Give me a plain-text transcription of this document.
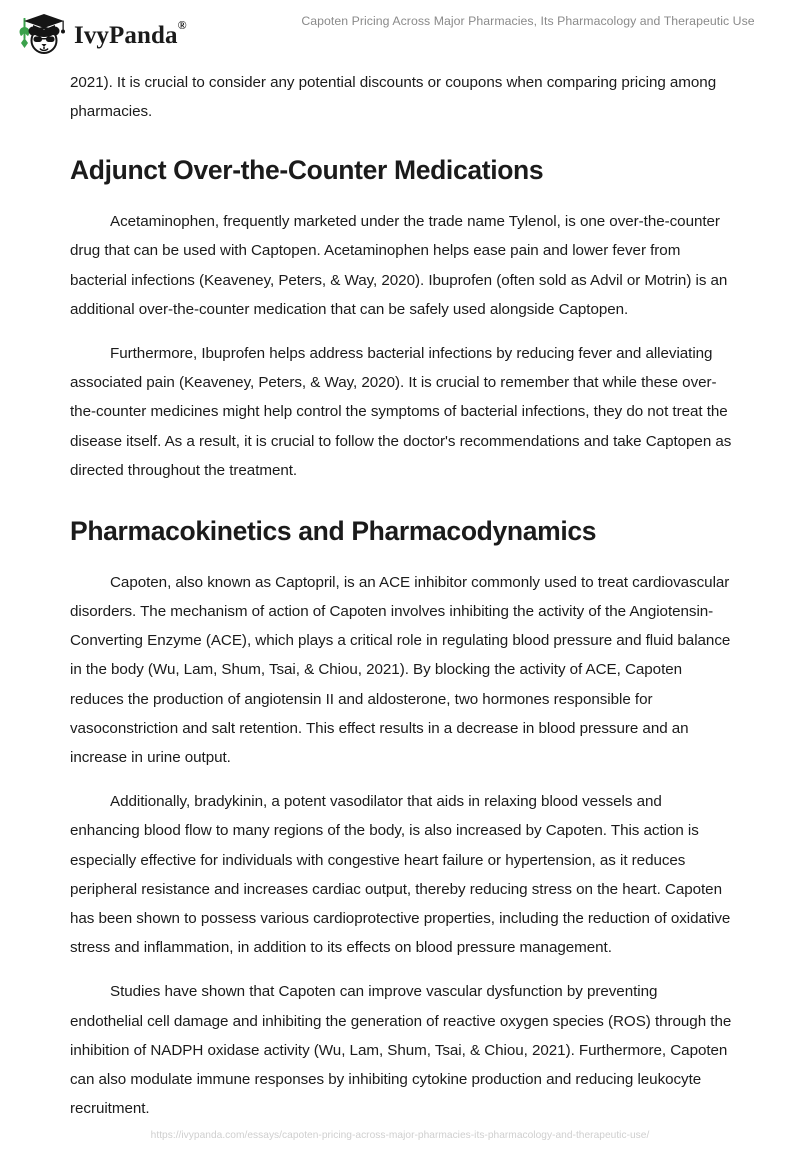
IvyPanda®	Capoten Pricing Across Major Pharmacies, Its Pharmacology and Therapeutic Use

2021). It is crucial to consider any potential discounts or coupons when comparing pricing among pharmacies.

Adjunct Over-the-Counter Medications

Acetaminophen, frequently marketed under the trade name Tylenol, is one over-the-counter drug that can be used with Captopen. Acetaminophen helps ease pain and lower fever from bacterial infections (Keaveney, Peters, & Way, 2020). Ibuprofen (often sold as Advil or Motrin) is an additional over-the-counter medication that can be safely used alongside Captopen.

Furthermore, Ibuprofen helps address bacterial infections by reducing fever and alleviating associated pain (Keaveney, Peters, & Way, 2020). It is crucial to remember that while these over-the-counter medicines might help control the symptoms of bacterial infections, they do not treat the disease itself. As a result, it is crucial to follow the doctor's recommendations and take Captopen as directed throughout the treatment.

Pharmacokinetics and Pharmacodynamics

Capoten, also known as Captopril, is an ACE inhibitor commonly used to treat cardiovascular disorders. The mechanism of action of Capoten involves inhibiting the activity of the Angiotensin-Converting Enzyme (ACE), which plays a critical role in regulating blood pressure and fluid balance in the body (Wu, Lam, Shum, Tsai, & Chiou, 2021). By blocking the activity of ACE, Capoten reduces the production of angiotensin II and aldosterone, two hormones responsible for vasoconstriction and salt retention. This effect results in a decrease in blood pressure and an increase in urine output.

Additionally, bradykinin, a potent vasodilator that aids in relaxing blood vessels and enhancing blood flow to many regions of the body, is also increased by Capoten. This action is especially effective for individuals with congestive heart failure or hypertension, as it reduces peripheral resistance and increases cardiac output, thereby reducing stress on the heart. Capoten has been shown to possess various cardioprotective properties, including the reduction of oxidative stress and inflammation, in addition to its effects on blood pressure management.

Studies have shown that Capoten can improve vascular dysfunction by preventing endothelial cell damage and inhibiting the generation of reactive oxygen species (ROS) through the inhibition of NADPH oxidase activity (Wu, Lam, Shum, Tsai, & Chiou, 2021). Furthermore, Capoten can also modulate immune responses by inhibiting cytokine production and reducing leukocyte recruitment.

https://ivypanda.com/essays/capoten-pricing-across-major-pharmacies-its-pharmacology-and-therapeutic-use/
